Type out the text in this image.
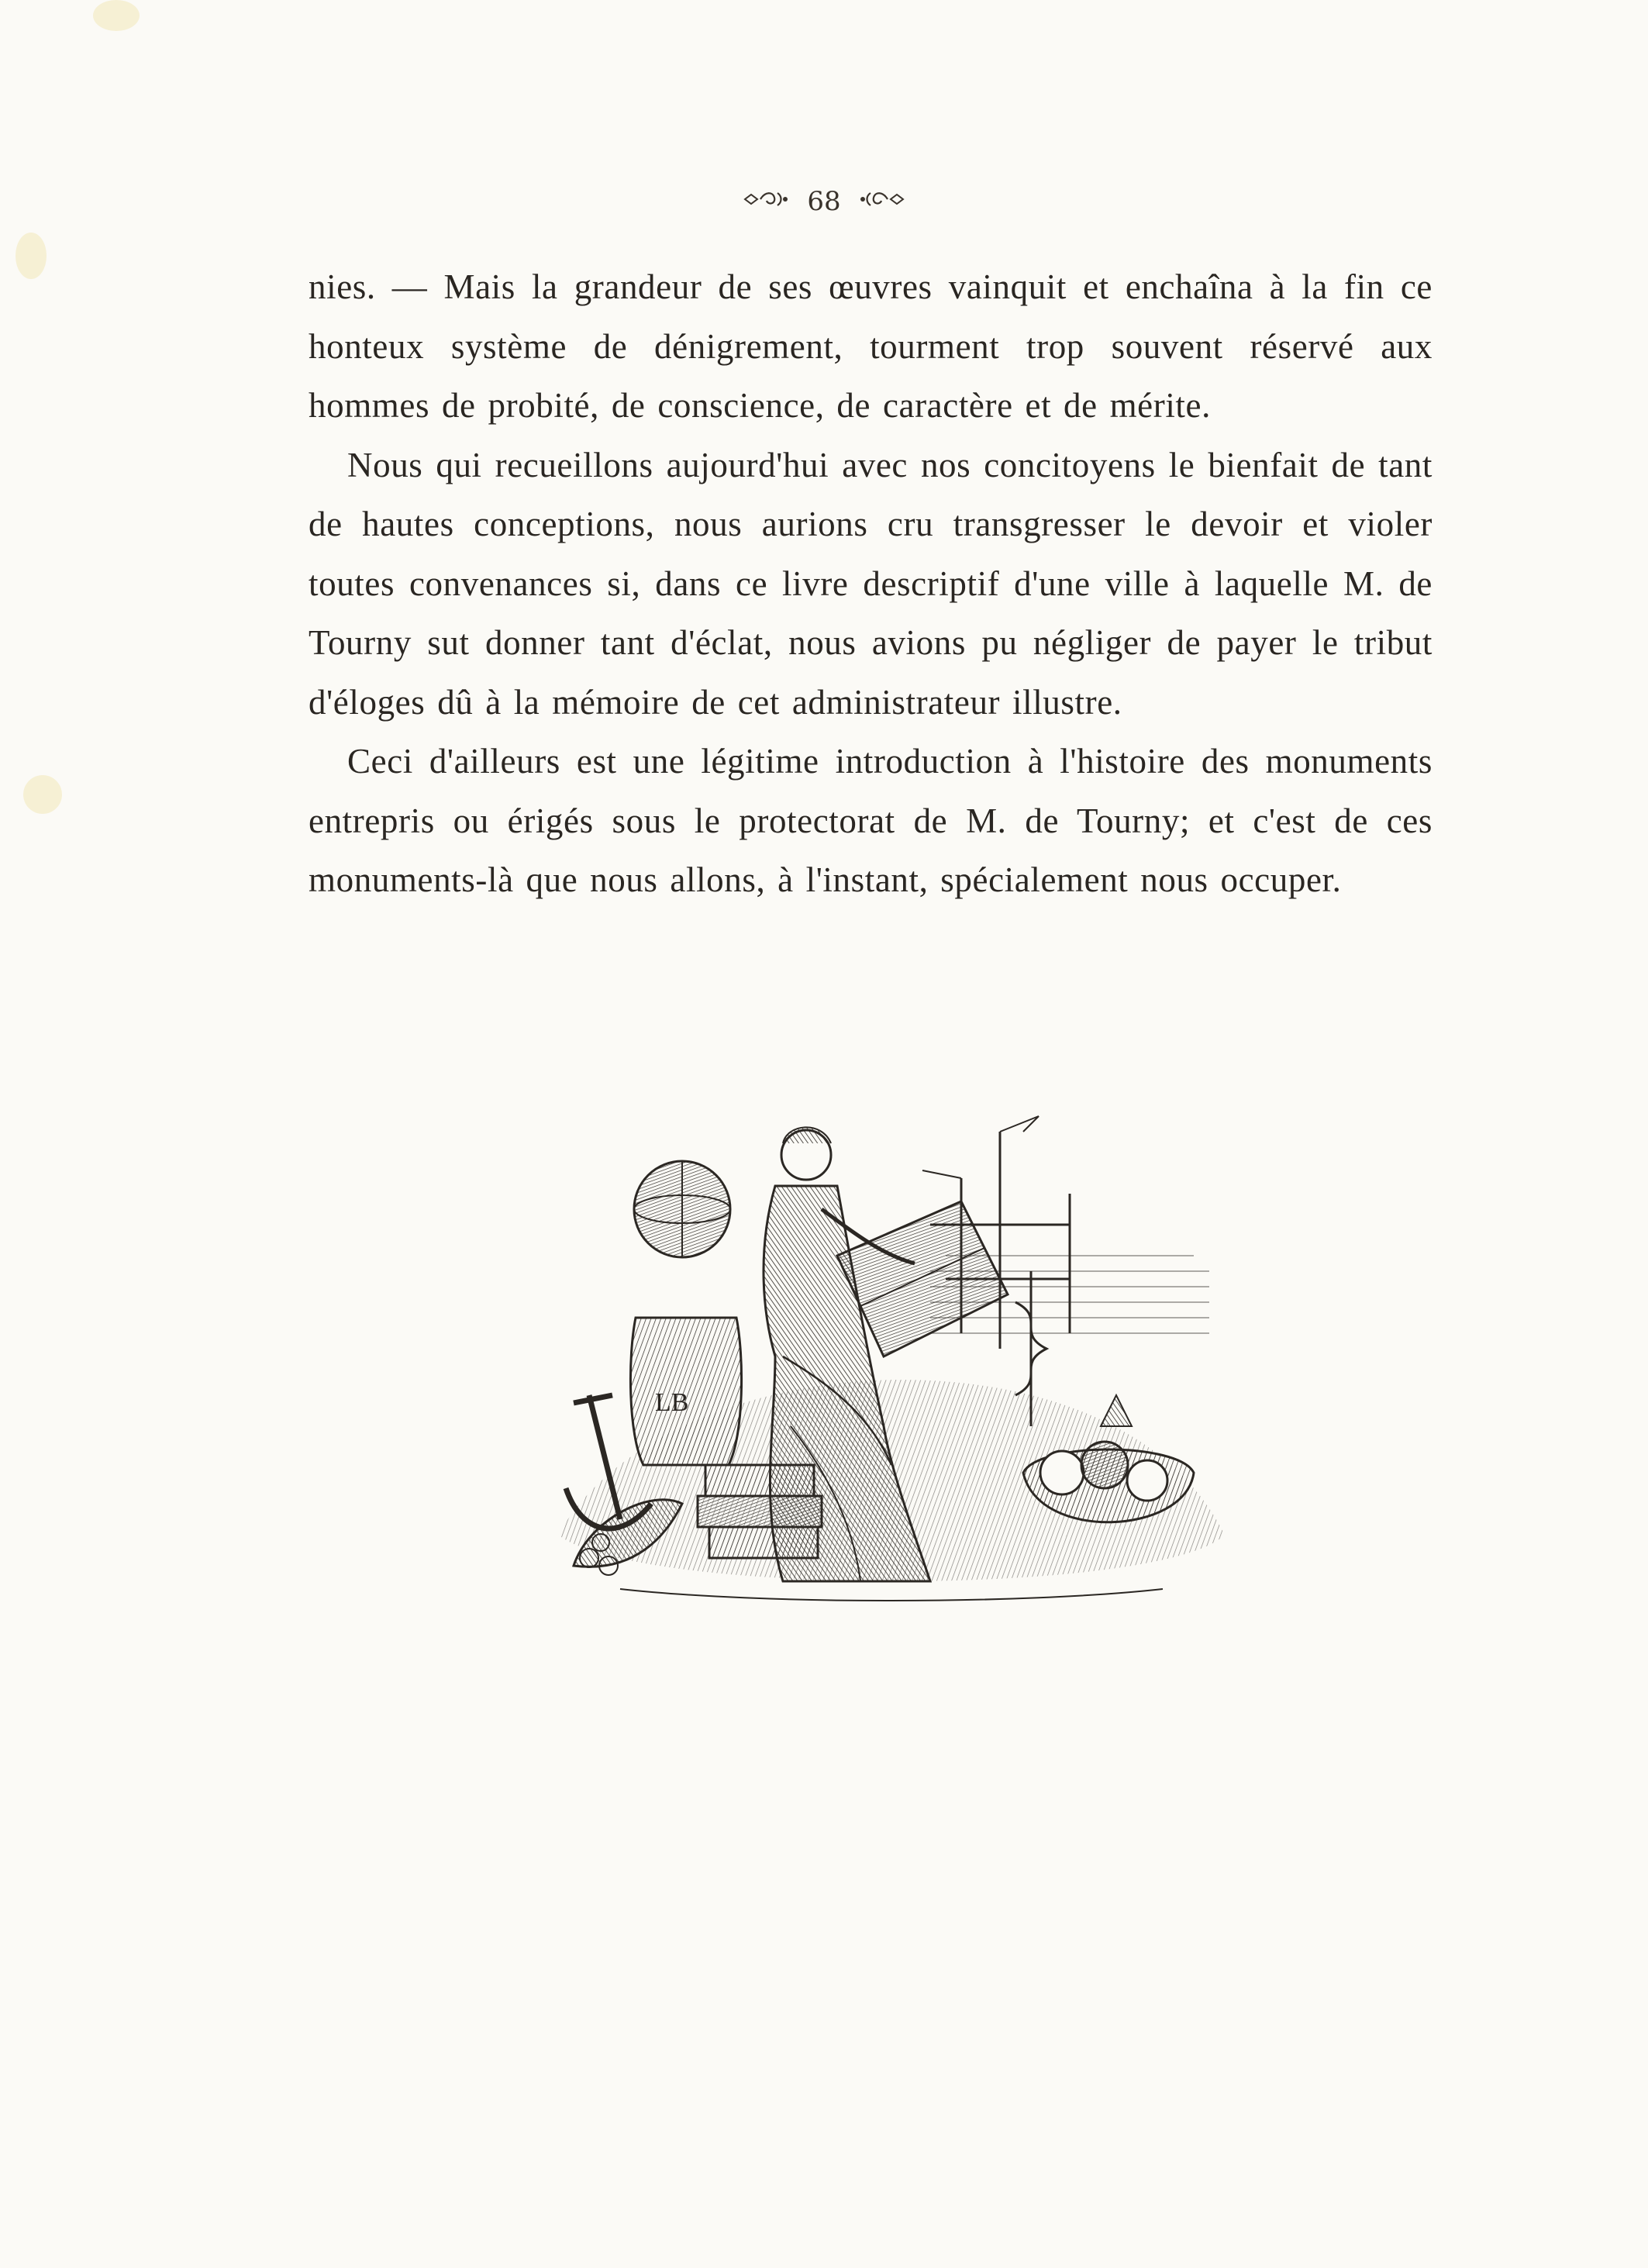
68

nies. — Mais la grandeur de ses œuvres vainquit et enchaîna à la fin ce honteux système de dénigrement, tourment trop souvent réservé aux hommes de probité, de conscience, de caractère et de mérite.

Nous qui recueillons aujourd'hui avec nos concitoyens le bienfait de tant de hautes conceptions, nous aurions cru transgresser le devoir et violer toutes convenances si, dans ce livre descriptif d'une ville à laquelle M. de Tourny sut donner tant d'éclat, nous avions pu négliger de payer le tribut d'éloges dû à la mémoire de cet administrateur illustre.

Ceci d'ailleurs est une légitime introduction à l'histoire des monuments entrepris ou érigés sous le protectorat de M. de Tourny; et c'est de ces monuments-là que nous allons, à l'instant, spécialement nous occuper.

LB
